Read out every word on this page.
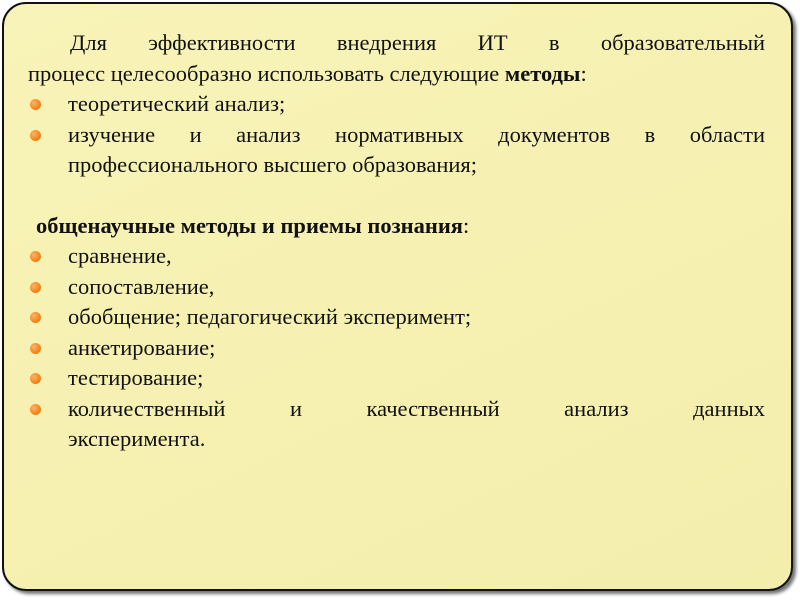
Для эффективности внедрения ИТ в образовательный
процесс целесообразно использовать следующие методы:

теоретический анализ;
изучение и анализ нормативных документов в области
профессионального высшего образования;

общенаучные методы и приемы познания:

сравнение,
сопоставление,
обобщение; педагогический эксперимент;
анкетирование;
тестирование;
количественный и качественный анализ данных
эксперимента.
